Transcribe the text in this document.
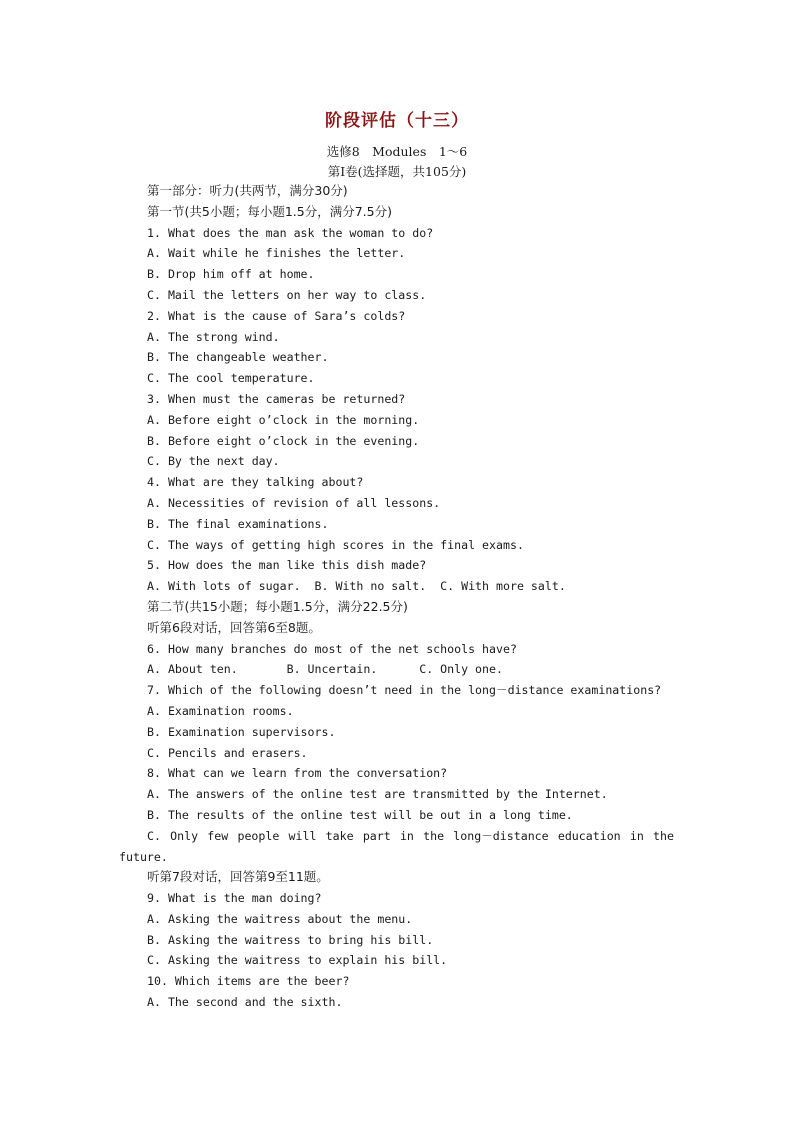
阶段评估（十三）
选修8　Modules　1～6
第Ⅰ卷(选择题，共105分)
第一部分：听力(共两节，满分30分)
第一节(共5小题；每小题1.5分，满分7.5分)
1. What does the man ask the woman to do?
A. Wait while he finishes the letter.
B. Drop him off at home.
C. Mail the letters on her way to class.
2. What is the cause of Sara’s colds?
A. The strong wind.
B. The changeable weather.
C. The cool temperature.
3. When must the cameras be returned?
A. Before eight o’clock in the morning.
B. Before eight o’clock in the evening.
C. By the next day.
4. What are they talking about?
A. Necessities of revision of all lessons.
B. The final examinations.
C. The ways of getting high scores in the final exams.
5. How does the man like this dish made?
A. With lots of sugar.  B. With no salt.  C. With more salt.
第二节(共15小题；每小题1.5分，满分22.5分)
听第6段对话，回答第6至8题。
6. How many branches do most of the net schools have?
A. About ten.       B. Uncertain.      C. Only one.
7. Which of the following doesn’t need in the long－distance examinations?
A. Examination rooms.
B. Examination supervisors.
C. Pencils and erasers.
8. What can we learn from the conversation?
A. The answers of the online test are transmitted by the Internet.
B. The results of the online test will be out in a long time.
C. Only few people will take part in the long－distance education in the
future.
听第7段对话，回答第9至11题。
9. What is the man doing?
A. Asking the waitress about the menu.
B. Asking the waitress to bring his bill.
C. Asking the waitress to explain his bill.
10. Which items are the beer?
A. The second and the sixth.
